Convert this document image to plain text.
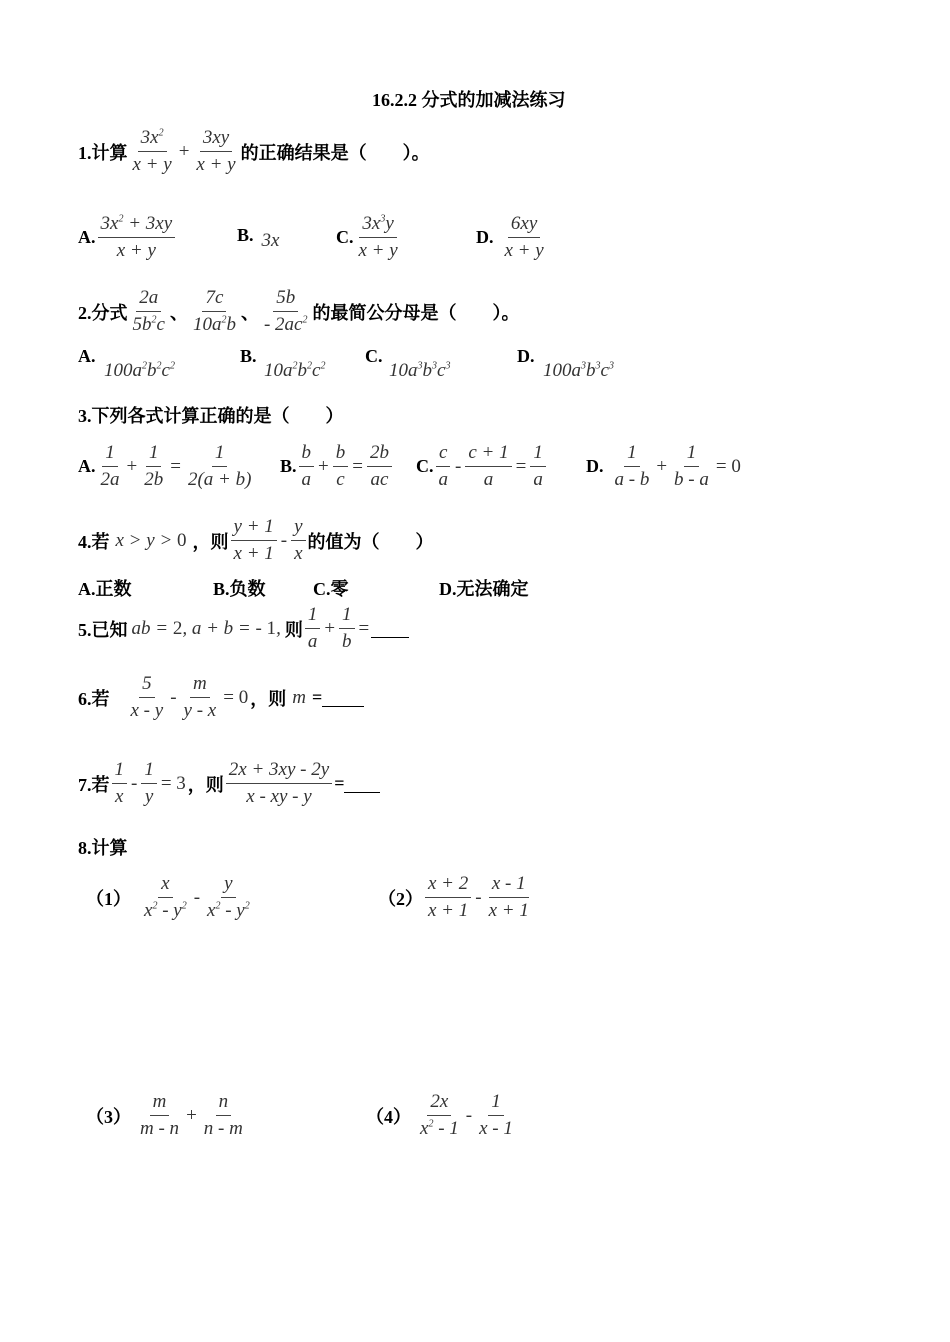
16.2.2 分式的加减法练习
1.计算 $\frac{3x^2}{x + y} + \frac{3xy}{x + y}$ 的正确结果是（　　）。
A. $\frac{3x^2 + 3xy}{x + y}$	B. 3x	C. $\frac{3x^3y}{x + y}$	D. $\frac{6xy}{x + y}$
2.分式 $\frac{2a}{5b^2c}$ 、 $\frac{7c}{10a^2b}$ 、 $\frac{5b}{- 2ac^2}$ 的最简公分母是（　　）。
A.
$100a^2b^2c^2$
B.
$10a^2b^2c^2$
C.
$10a^3b^3c^3$
D.
$100a^3b^3c^3$
3.下列各式计算正确的是（　　）
A. $\frac{1}{2a} + \frac{1}{2b} = \frac{1}{2(a + b)} B$. $\frac{b}{a} + \frac{b}{c} = \frac{2b}{ac} C$. $\frac{c}{a} - \frac{c + 1}{a} = \frac{1}{a} D$. $\frac{1}{a - b} + \frac{1}{b - a} = 0$
4.若 x > y > 0 ，则 $\frac{y + 1}{x + 1} - \frac{y}{x}$ 的值为（　　）
A.正数	B.负数	C.零	D.无法确定
5.已知 ab = 2, a + b = - 1, 则 $\frac{1}{a} + \frac{1}{b}$ =
6.若 $\frac{5}{x - y} - \frac{m}{y - x} = 0$ ，则 m =
7.若 $\frac{1}{x} - \frac{1}{y} = 3$ ，则 $\frac{2x + 3xy - 2y}{x - xy - y}$ =
8.计算
$(1) \frac{x}{x^2 - y^2} - \frac{y}{x^2 - y^2}$	$(2) \frac{x + 2}{x + 1} - \frac{x - 1}{x + 1}$
$(3) \frac{m}{m - n} + \frac{n}{n - m}$	$(4) \frac{2x}{x^2 - 1} - \frac{1}{x - 1}$
